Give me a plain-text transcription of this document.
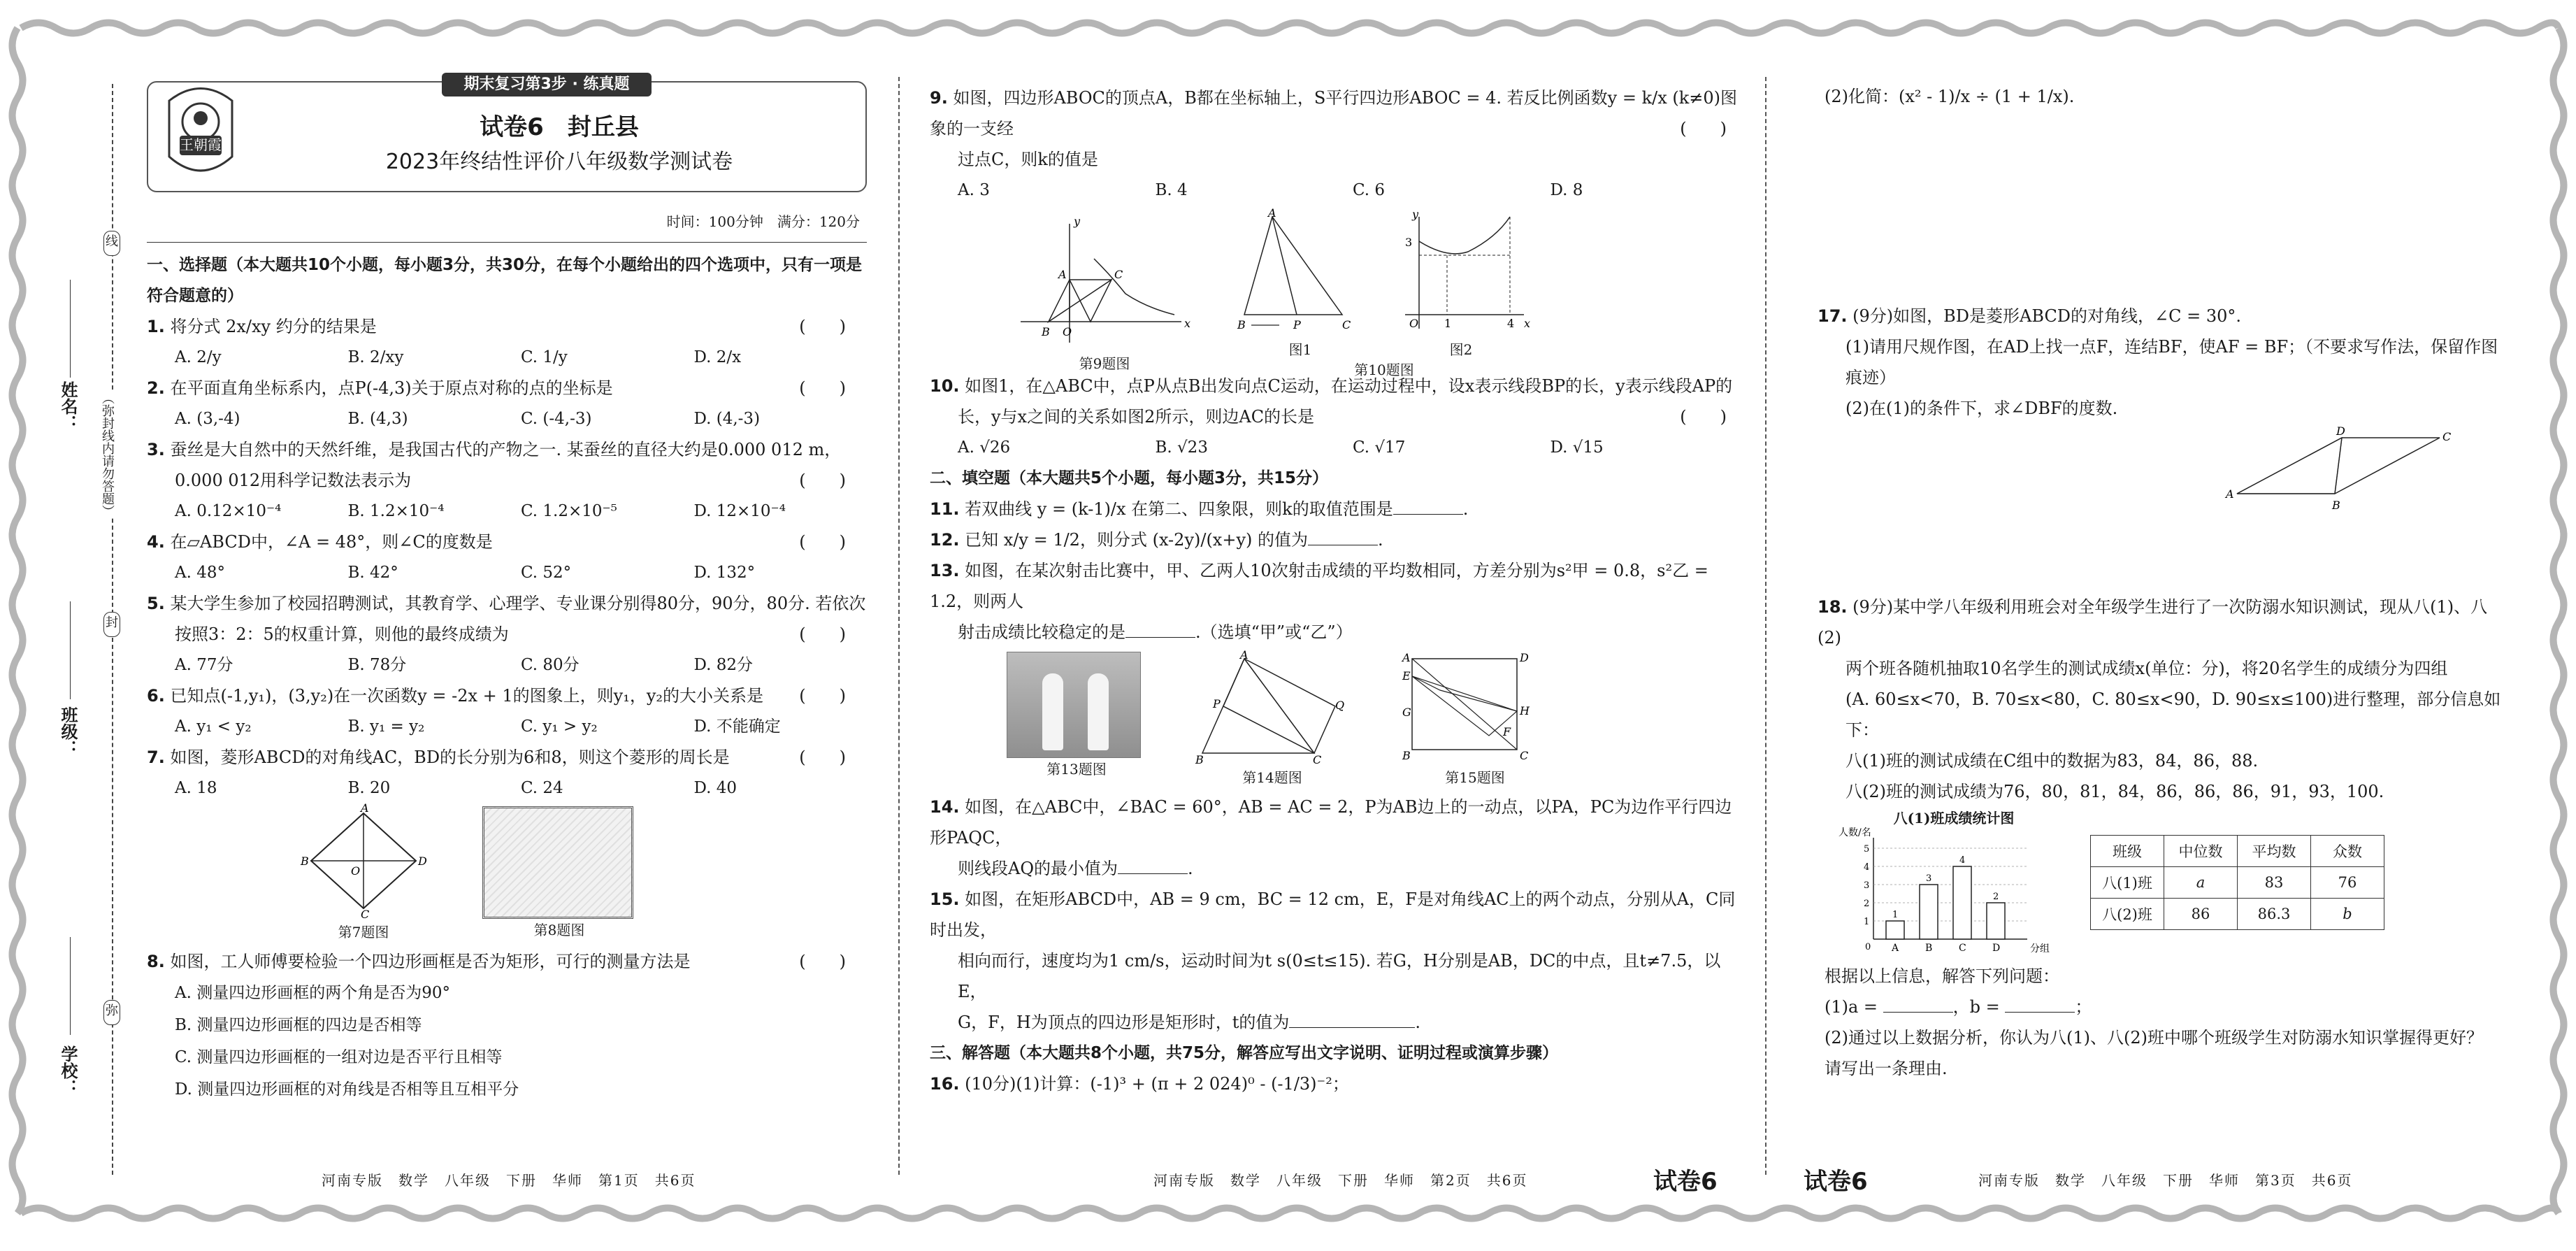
线
封
弥
（弥封线内请勿答题）
姓名：
班级：
学校：
王朝霞
期末复习第3步 · 练真题
试卷6　封丘县
2023年终结性评价八年级数学测试卷
时间：100分钟　满分：120分
一、选择题（本大题共10个小题，每小题3分，共30分，在每个小题给出的四个选项中，只有一项是符合题意的）
1. 将分式 2x/xy 约分的结果是	(　　)
A. 2/y	B. 2/xy	C. 1/y	D. 2/x
2. 在平面直角坐标系内，点P(-4,3)关于原点对称的点的坐标是	(　　)
A. (3,-4)	B. (4,3)	C. (-4,-3)	D. (4,-3)
3. 蚕丝是大自然中的天然纤维，是我国古代的产物之一. 某蚕丝的直径大约是0.000 012 m，
0.000 012用科学记数法表示为	(　　)
A. 0.12×10⁻⁴	B. 1.2×10⁻⁴	C. 1.2×10⁻⁵	D. 12×10⁻⁴
4. 在▱ABCD中，∠A = 48°，则∠C的度数是	(　　)
A. 48°	B. 42°	C. 52°	D. 132°
5. 某大学生参加了校园招聘测试，其教育学、心理学、专业课分别得80分，90分，80分. 若依次
按照3：2：5的权重计算，则他的最终成绩为	(　　)
A. 77分	B. 78分	C. 80分	D. 82分
6. 已知点(-1,y₁)，(3,y₂)在一次函数y = -2x + 1的图象上，则y₁，y₂的大小关系是 (　　)
A. y₁ < y₂	B. y₁ = y₂	C. y₁ > y₂	D. 不能确定
7. 如图，菱形ABCD的对角线AC，BD的长分别为6和8，则这个菱形的周长是	(　　)
A. 18	B. 20	C. 24	D. 40
A
B	D
C
O
第7题图	第8题图
8. 如图，工人师傅要检验一个四边形画框是否为矩形，可行的测量方法是	(　　)
A. 测量四边形画框的两个角是否为90°
B. 测量四边形画框的四边是否相等
C. 测量四边形画框的一组对边是否平行且相等
D. 测量四边形画框的对角线是否相等且互相平分
9. 如图，四边形ABOC的顶点A，B都在坐标轴上，S平行四边形ABOC = 4. 若反比例函数y = k/x (k≠0)图象的一支经	(　　)
过点C，则k的值是
A. 3	B. 4	C. 6	D. 8
y
x
A	C
B O
第9题图
A
B	P	C
图1
y
3
O 1	4 x
图2
第10题图
10. 如图1，在△ABC中，点P从点B出发向点C运动，在运动过程中，设x表示线段BP的长，y表示线段AP的
长，y与x之间的关系如图2所示，则边AC的长是	(　　)
A. √26	B. √23	C. √17	D. √15
二、填空题（本大题共5个小题，每小题3分，共15分）
11. 若双曲线 y = (k-1)/x 在第二、四象限，则k的取值范围是	.
12. 已知 x/y = 1/2，则分式 (x-2y)/(x+y) 的值为	.
13. 如图，在某次射击比赛中，甲、乙两人10次射击成绩的平均数相同，方差分别为s²甲 = 0.8，s²乙 = 1.2，则两人
射击成绩比较稳定的是	.（选填“甲”或“乙”）
第13题图
A
P	Q
B	C
第14题图
A	D
E
G	H
F
B	C
第15题图
14. 如图，在△ABC中，∠BAC = 60°，AB = AC = 2，P为AB边上的一动点，以PA，PC为边作平行四边形PAQC，
则线段AQ的最小值为	.
15. 如图，在矩形ABCD中，AB = 9 cm，BC = 12 cm，E，F是对角线AC上的两个动点，分别从A，C同时出发，
相向而行，速度均为1 cm/s，运动时间为t s(0≤t≤15). 若G，H分别是AB，DC的中点，且t≠7.5，以E，
G，F，H为顶点的四边形是矩形时，t的值为	.
三、解答题（本大题共8个小题，共75分，解答应写出文字说明、证明过程或演算步骤）
16. (10分)(1)计算：(-1)³ + (π + 2 024)⁰ - (-1/3)⁻²；
(2)化简：(x² - 1)/x ÷ (1 + 1/x).
17. (9分)如图，BD是菱形ABCD的对角线，∠C = 30°.
(1)请用尺规作图，在AD上找一点F，连结BF，使AF = BF；（不要求写作法，保留作图痕迹）
(2)在(1)的条件下，求∠DBF的度数.
A
B
C
D
18. (9分)某中学八年级利用班会对全年级学生进行了一次防溺水知识测试，现从八(1)、八(2)
两个班各随机抽取10名学生的测试成绩x(单位：分)，将20名学生的成绩分为四组
(A. 60≤x<70，B. 70≤x<80，C. 80≤x<90，D. 90≤x≤100)进行整理，部分信息如下：
八(1)班的测试成绩在C组中的数据为83，84，86，88.
八(2)班的测试成绩为76，80，81，84，86，86，86，91，93，100.
八(1)班成绩统计图
1
2
3
4
5
0
人数/名
分组
1
A
3
B
4
C
2
D
班级	中位数	平均数	众数
八(1)班	a	83	76
八(2)班	86	86.3	b
根据以上信息，解答下列问题：
(1)a =	，b =	；
(2)通过以上数据分析，你认为八(1)、八(2)班中哪个班级学生对防溺水知识掌握得更好？
请写出一条理由.
河南专版　数学　八年级　下册　华师　第1页　共6页	河南专版　数学　八年级　下册　华师　第2页　共6页	试卷6	试卷6	河南专版　数学　八年级　下册　华师　第3页　共6页
